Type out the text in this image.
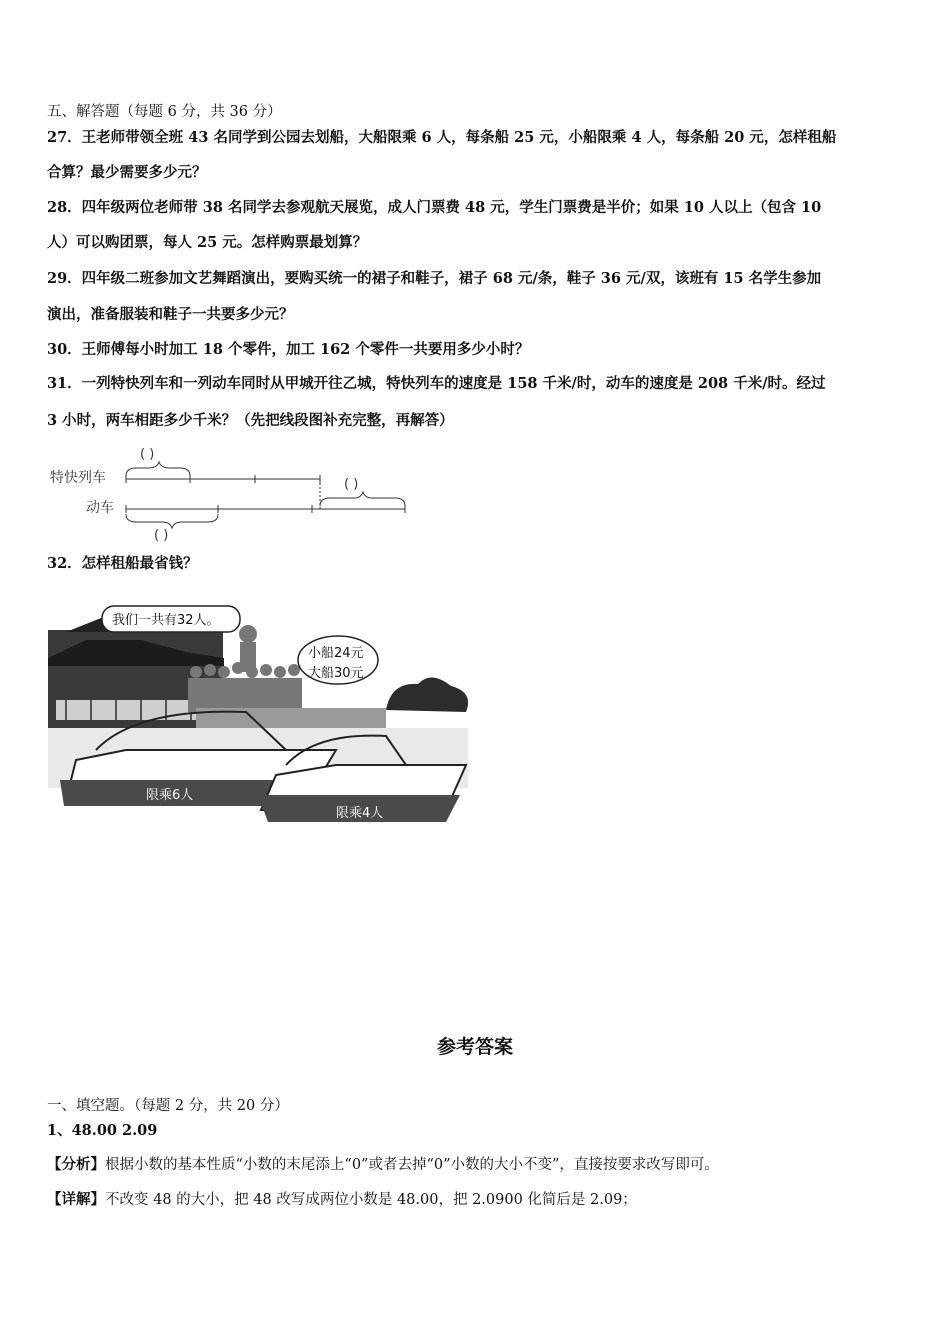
五、解答题（每题 6 分，共 36 分）
27．王老师带领全班 43 名同学到公园去划船，大船限乘 6 人，每条船 25 元，小船限乘 4 人，每条船 20 元，怎样租船
合算？最少需要多少元？
28．四年级两位老师带 38 名同学去参观航天展览，成人门票费 48 元，学生门票费是半价；如果 10 人以上（包含 10
人）可以购团票，每人 25 元。怎样购票最划算？
29．四年级二班参加文艺舞蹈演出，要购买统一的裙子和鞋子，裙子 68 元/条，鞋子 36 元/双，该班有 15 名学生参加
演出，准备服装和鞋子一共要多少元？
30．王师傅每小时加工 18 个零件，加工 162 个零件一共要用多少小时？
31．一列特快列车和一列动车同时从甲城开往乙城，特快列车的速度是 158 千米/时，动车的速度是 208 千米/时。经过
3 小时，两车相距多少千米？（先把线段图补充完整，再解答）
特快列车
动车
( )
( )
( )
32．怎样租船最省钱？
我们一共有32人。
小船24元
大船30元
限乘6人
限乘4人
参考答案
一、填空题。（每题 2 分，共 20 分）
1、48.00 2.09
【分析】根据小数的基本性质“小数的末尾添上“0”或者去掉“0”小数的大小不变”，直接按要求改写即可。
【详解】不改变 48 的大小，把 48 改写成两位小数是 48.00，把 2.0900 化简后是 2.09；
